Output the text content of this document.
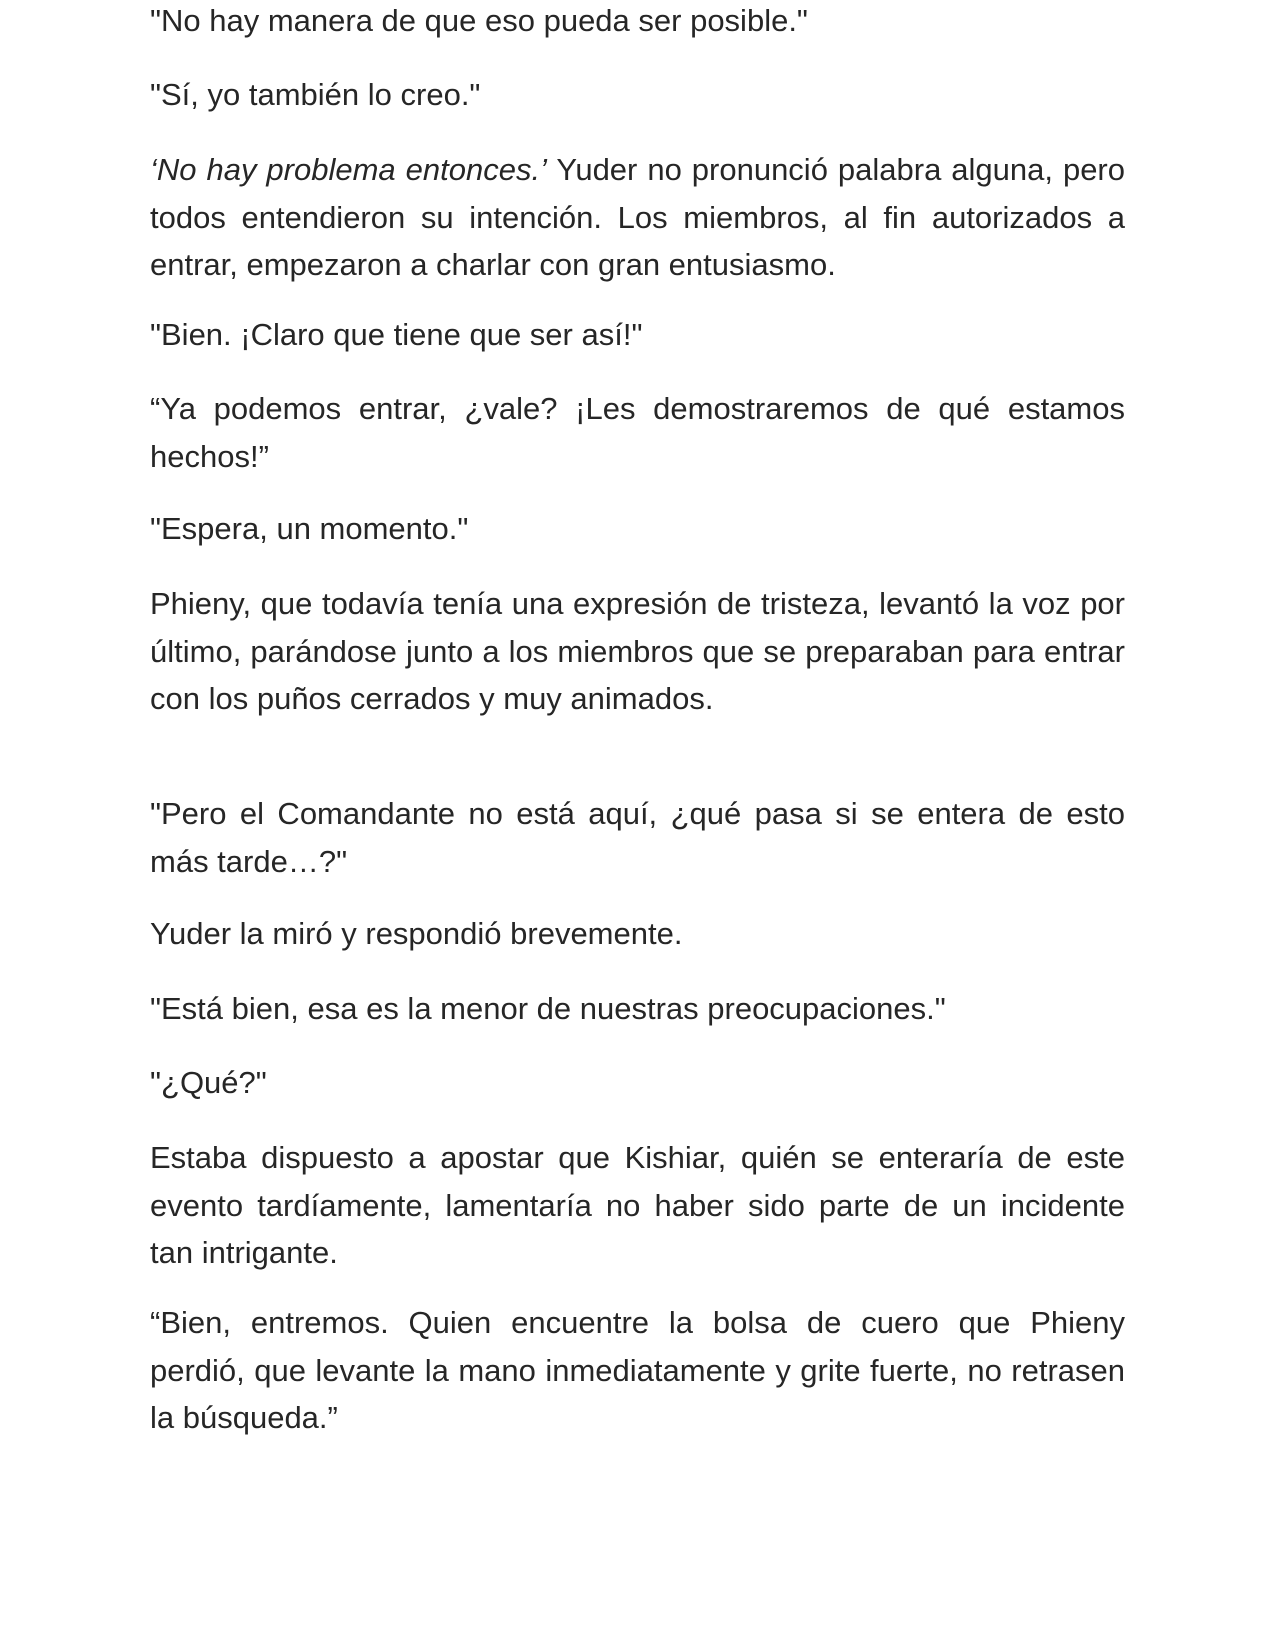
"No hay manera de que eso pueda ser posible."

"Sí, yo también lo creo."

‘No hay problema entonces.’ Yuder no pronunció palabra alguna, pero todos entendieron su intención. Los miembros, al fin autorizados a entrar, empezaron a charlar con gran entusiasmo.

"Bien. ¡Claro que tiene que ser así!"

“Ya podemos entrar, ¿vale? ¡Les demostraremos de qué estamos hechos!”

"Espera, un momento."

Phieny, que todavía tenía una expresión de tristeza, levantó la voz por último, parándose junto a los miembros que se preparaban para entrar con los puños cerrados y muy animados.

"Pero el Comandante no está aquí, ¿qué pasa si se entera de esto más tarde…?"

Yuder la miró y respondió brevemente.

"Está bien, esa es la menor de nuestras preocupaciones."

"¿Qué?"

Estaba dispuesto a apostar que Kishiar, quién se enteraría de este evento tardíamente, lamentaría no haber sido parte de un incidente tan intrigante.

“Bien, entremos. Quien encuentre la bolsa de cuero que Phieny perdió, que levante la mano inmediatamente y grite fuerte, no retrasen la búsqueda.”
